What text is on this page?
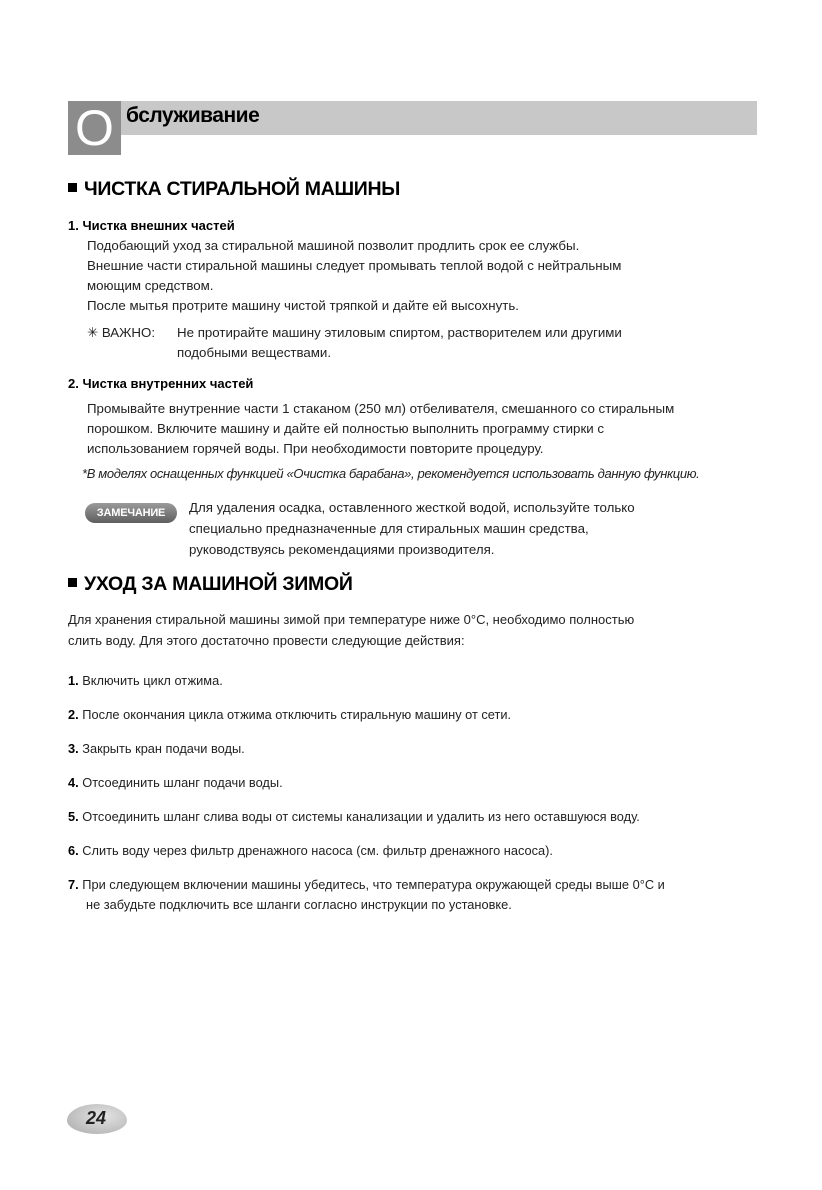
O бслуживание
ЧИСТКА СТИРАЛЬНОЙ МАШИНЫ
1. Чистка внешних частей
Подобающий уход за стиральной машиной позволит продлить срок ее службы.
Внешние части стиральной машины следует промывать теплой водой с нейтральным
моющим средством.
После мытья протрите машину чистой тряпкой и дайте ей высохнуть.
✳ ВАЖНО: Не протирайте машину этиловым спиртом, растворителем или другими
подобными веществами.
2. Чистка внутренних частей
Промывайте внутренние части 1 стаканом (250 мл) отбеливателя, смешанного со стиральным
порошком. Включите машину и дайте ей полностью выполнить программу стирки с
использованием горячей воды. При необходимости повторите процедуру.
*В моделях оснащенных функцией «Очистка барабана», рекомендуется использовать данную функцию.
ЗАМЕЧАНИЕ	Для удаления осадка, оставленного жесткой водой, используйте только
специально предназначенные для стиральных машин средства,
руководствуясь рекомендациями производителя.
УХОД ЗА МАШИНОЙ ЗИМОЙ
Для хранения стиральной машины зимой при температуре ниже 0°С, необходимо полностью
слить воду. Для этого достаточно провести следующие действия:
1. Включить цикл отжима.
2. После окончания цикла отжима отключить стиральную машину от сети.
3. Закрыть кран подачи воды.
4. Отсоединить шланг подачи воды.
5. Отсоединить шланг слива воды от системы канализации и удалить из него оставшуюся воду.
6. Слить воду через фильтр дренажного насоса (см. фильтр дренажного насоса).
7. При следующем включении машины убедитесь, что температура окружающей среды выше 0°С и
не забудьте подключить все шланги согласно инструкции по установке.
24
